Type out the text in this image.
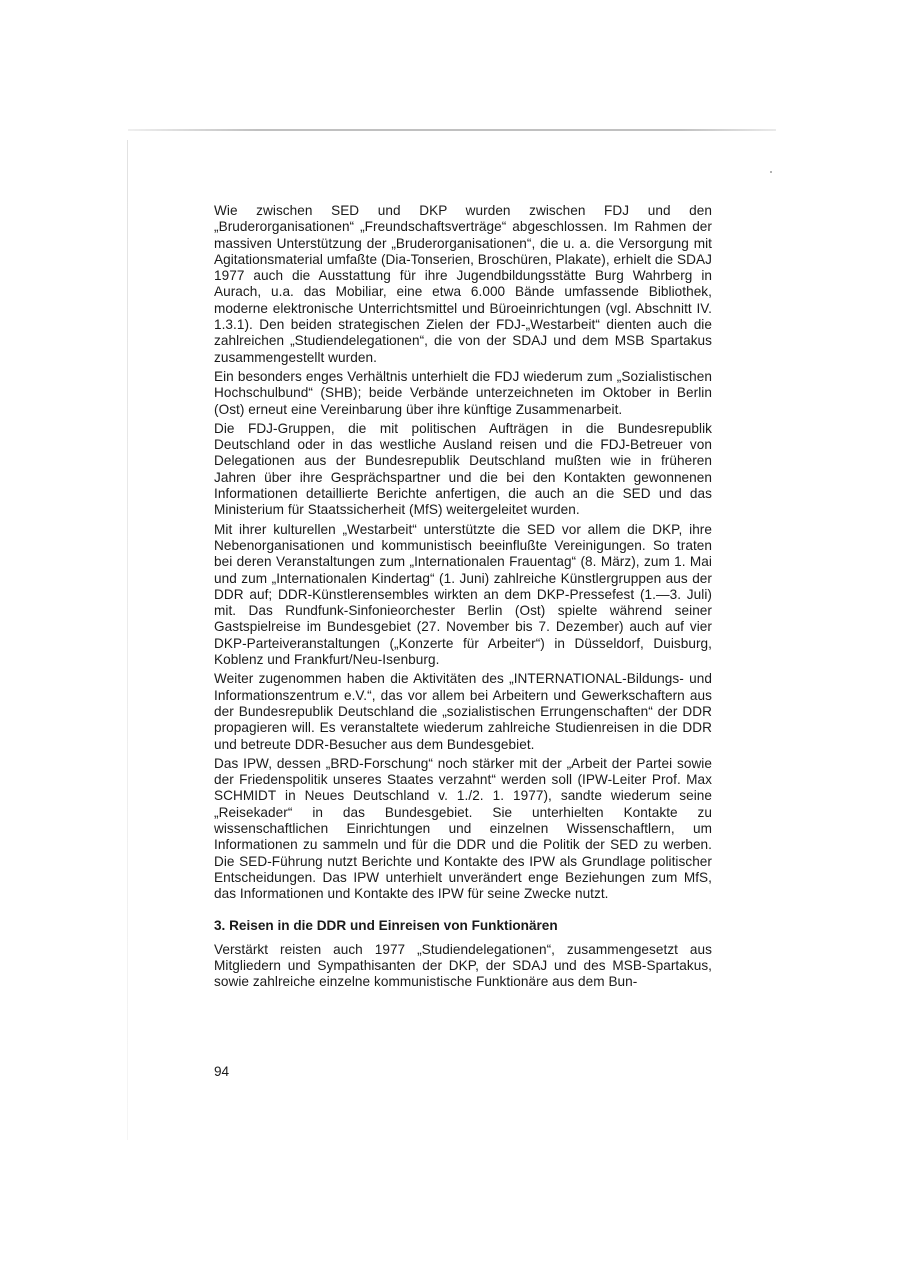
Wie zwischen SED und DKP wurden zwischen FDJ und den „Bruderorganisationen“ „Freundschaftsverträge“ abgeschlossen. Im Rahmen der massiven Unterstützung der „Bruderorganisationen“, die u. a. die Versorgung mit Agitationsmaterial umfaßte (Dia-Tonserien, Broschüren, Plakate), erhielt die SDAJ 1977 auch die Ausstattung für ihre Jugendbildungsstätte Burg Wahrberg in Aurach, u.a. das Mobiliar, eine etwa 6.000 Bände umfassende Bibliothek, moderne elektronische Unterrichtsmittel und Büroeinrichtungen (vgl. Abschnitt IV. 1.3.1). Den beiden strategischen Zielen der FDJ-„Westarbeit“ dienten auch die zahlreichen „Studiendelegationen“, die von der SDAJ und dem MSB Spartakus zusammengestellt wurden.

Ein besonders enges Verhältnis unterhielt die FDJ wiederum zum „Sozialistischen Hochschulbund“ (SHB); beide Verbände unterzeichneten im Oktober in Berlin (Ost) erneut eine Vereinbarung über ihre künftige Zusammenarbeit.

Die FDJ-Gruppen, die mit politischen Aufträgen in die Bundesrepublik Deutschland oder in das westliche Ausland reisen und die FDJ-Betreuer von Delegationen aus der Bundesrepublik Deutschland mußten wie in früheren Jahren über ihre Gesprächspartner und die bei den Kontakten gewonnenen Informationen detaillierte Berichte anfertigen, die auch an die SED und das Ministerium für Staatssicherheit (MfS) weitergeleitet wurden.

Mit ihrer kulturellen „Westarbeit“ unterstützte die SED vor allem die DKP, ihre Nebenorganisationen und kommunistisch beeinflußte Vereinigungen. So traten bei deren Veranstaltungen zum „Internationalen Frauentag“ (8. März), zum 1. Mai und zum „Internationalen Kindertag“ (1. Juni) zahlreiche Künstlergruppen aus der DDR auf; DDR-Künstlerensembles wirkten an dem DKP-Pressefest (1.—3. Juli) mit. Das Rundfunk-Sinfonieorchester Berlin (Ost) spielte während seiner Gastspielreise im Bundesgebiet (27. November bis 7. Dezember) auch auf vier DKP-Parteiveranstaltungen („Konzerte für Arbeiter“) in Düsseldorf, Duisburg, Koblenz und Frankfurt/Neu-Isenburg.

Weiter zugenommen haben die Aktivitäten des „INTERNATIONAL-Bildungs- und Informationszentrum e.V.“, das vor allem bei Arbeitern und Gewerkschaftern aus der Bundesrepublik Deutschland die „sozialistischen Errungenschaften“ der DDR propagieren will. Es veranstaltete wiederum zahlreiche Studienreisen in die DDR und betreute DDR-Besucher aus dem Bundesgebiet.

Das IPW, dessen „BRD-Forschung“ noch stärker mit der „Arbeit der Partei sowie der Friedenspolitik unseres Staates verzahnt“ werden soll (IPW-Leiter Prof. Max SCHMIDT in Neues Deutschland v. 1./2. 1. 1977), sandte wiederum seine „Reisekader“ in das Bundesgebiet. Sie unterhielten Kontakte zu wissenschaftlichen Einrichtungen und einzelnen Wissenschaftlern, um Informationen zu sammeln und für die DDR und die Politik der SED zu werben. Die SED-Führung nutzt Berichte und Kontakte des IPW als Grundlage politischer Entscheidungen. Das IPW unterhielt unverändert enge Beziehungen zum MfS, das Informationen und Kontakte des IPW für seine Zwecke nutzt.

3. Reisen in die DDR und Einreisen von Funktionären

Verstärkt reisten auch 1977 „Studiendelegationen“, zusammengesetzt aus Mitgliedern und Sympathisanten der DKP, der SDAJ und des MSB-Spartakus, sowie zahlreiche einzelne kommunistische Funktionäre aus dem Bun-

94
